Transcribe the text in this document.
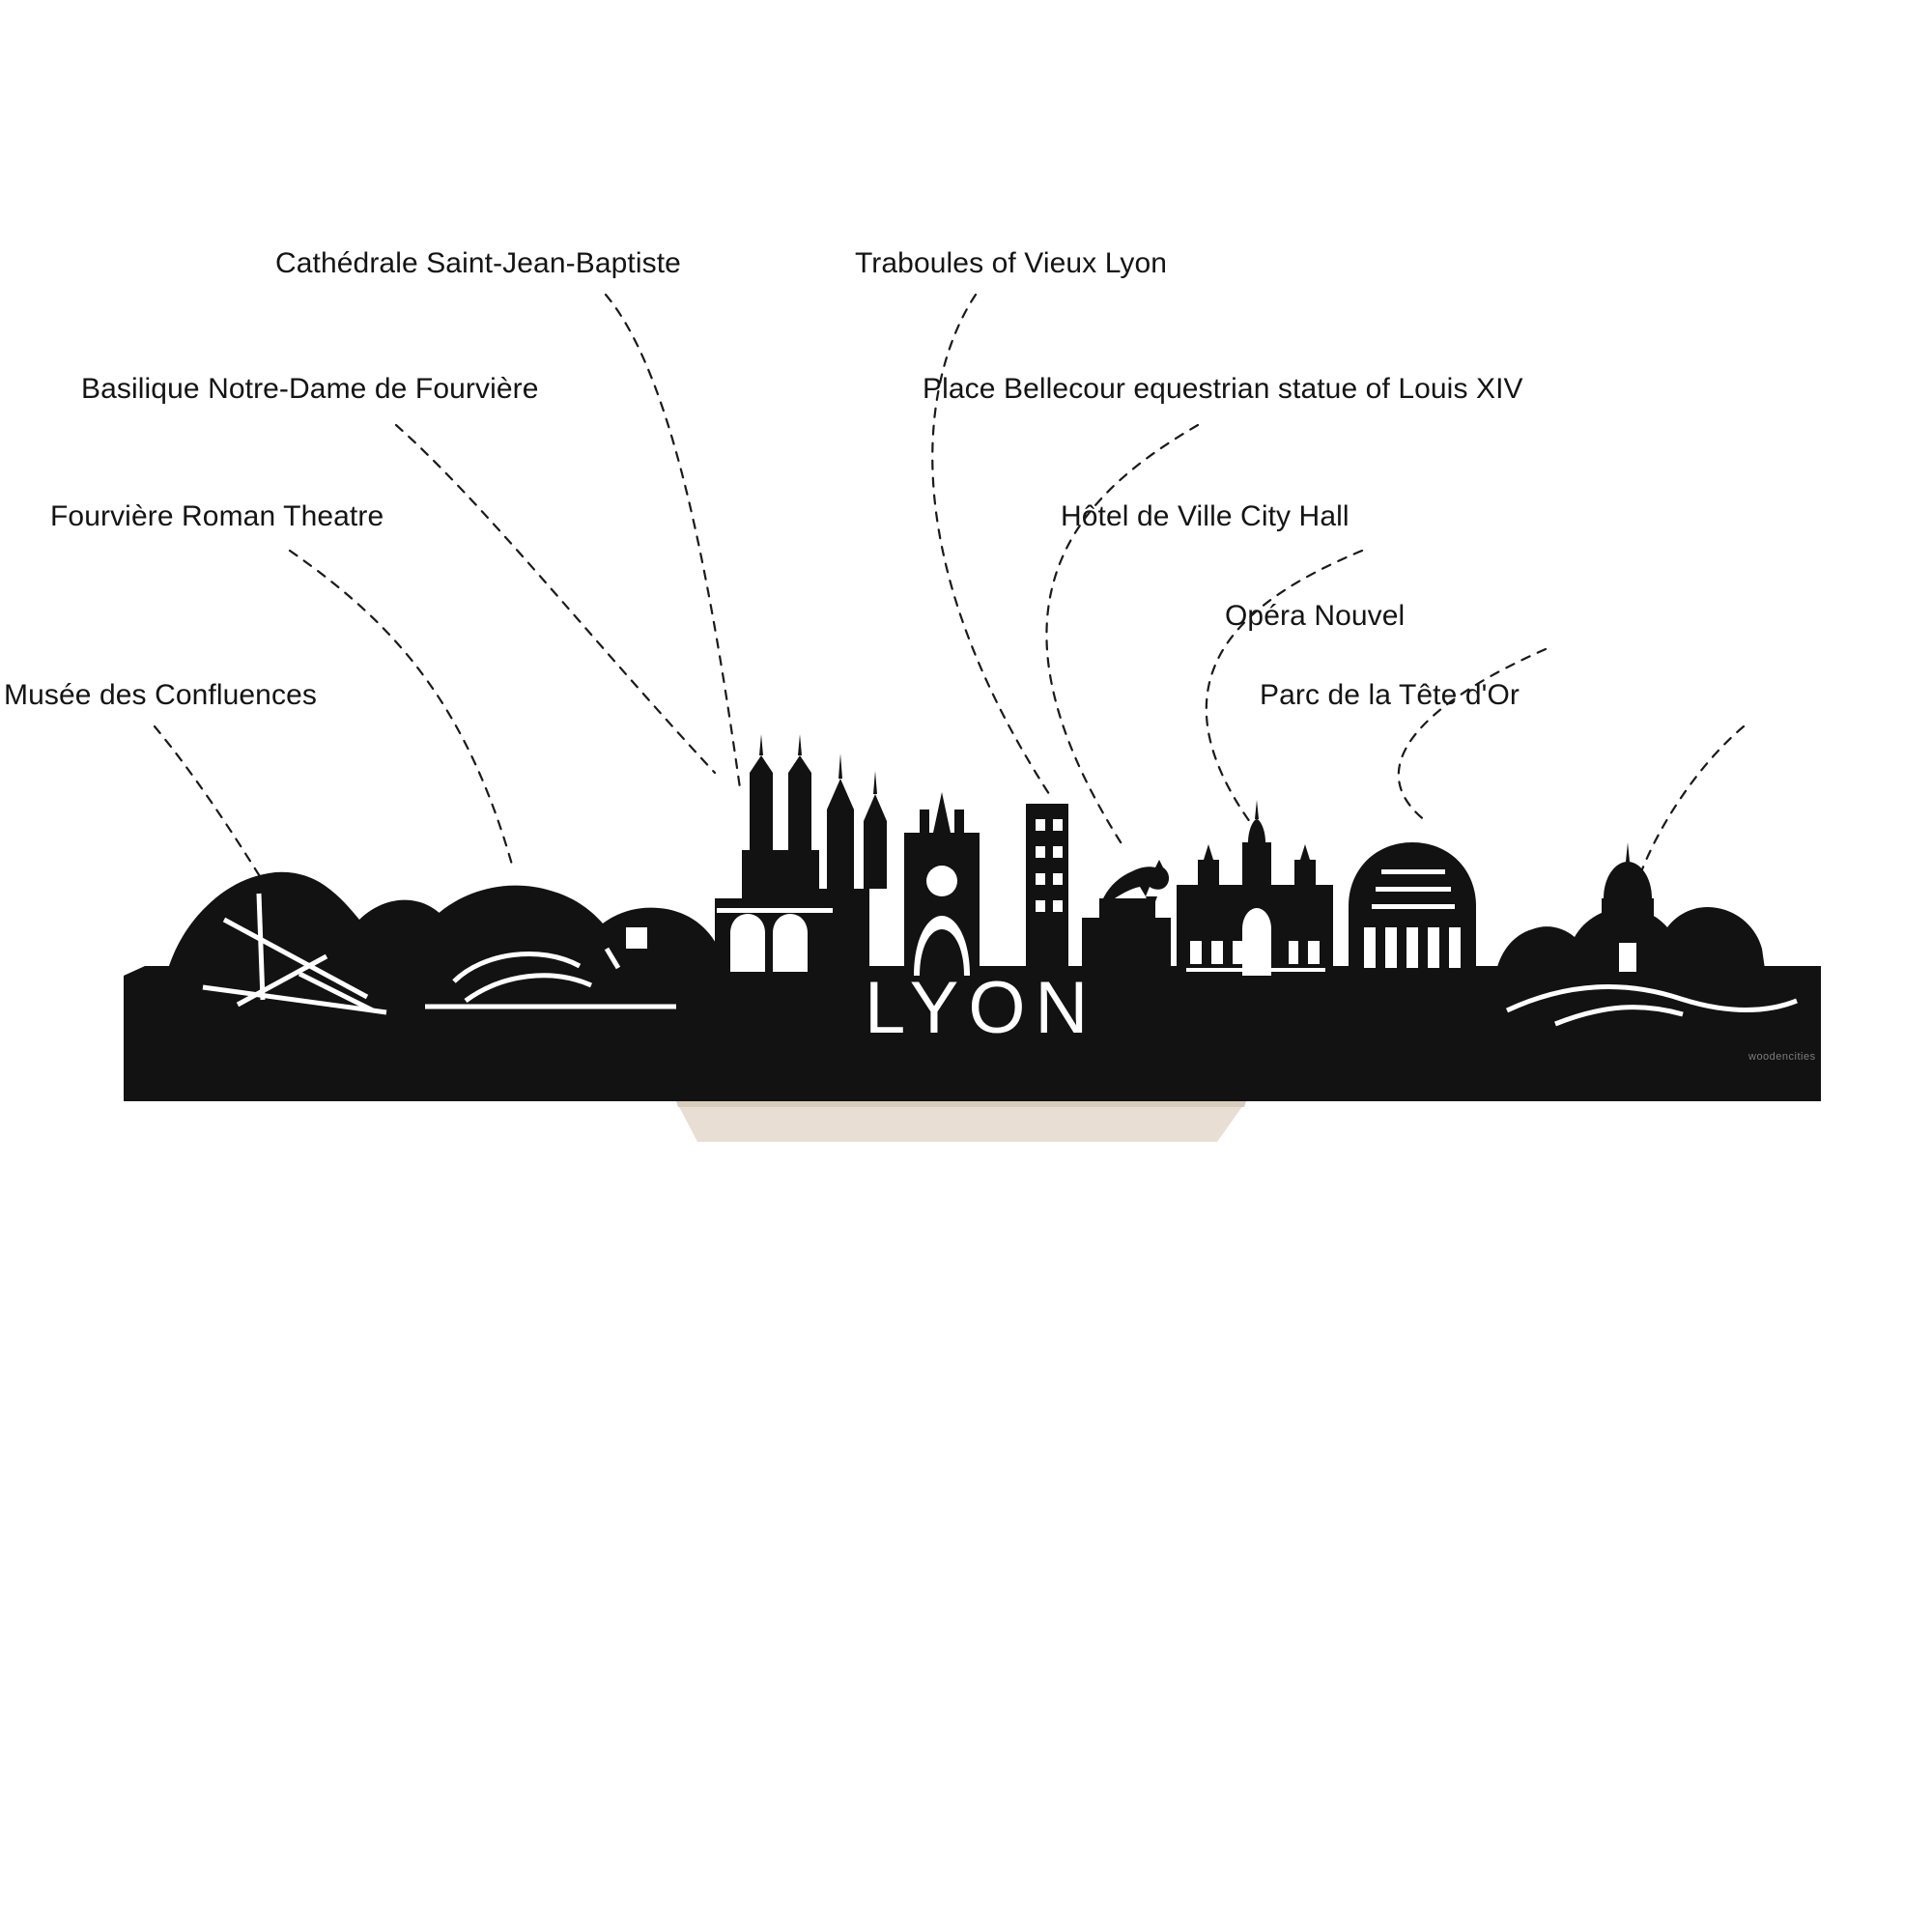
Cathédrale Saint-Jean-Baptiste	Traboules of Vieux Lyon
Basilique Notre-Dame de Fourvière	Place Bellecour equestrian statue of Louis XIV
Fourvière Roman Theatre	Hôtel de Ville City Hall
Opéra Nouvel
Musée des Confluences	Parc de la Tête d'Or
LYON
woodencities
